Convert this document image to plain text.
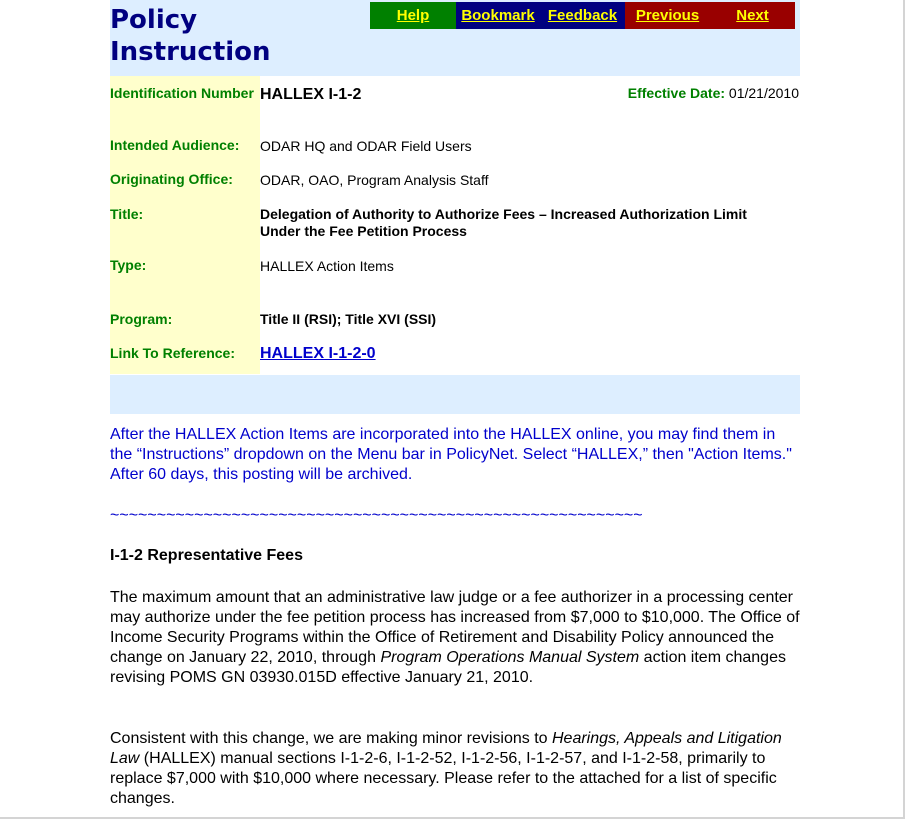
Policy
Instruction
Help	Bookmark Feedback	Previous	Next
Identification Number HALLEX I-1-2	Effective Date: 01/21/2010
Intended Audience:	ODAR HQ and ODAR Field Users
Originating Office:	ODAR, OAO, Program Analysis Staff
Title:	Delegation of Authority to Authorize Fees – Increased Authorization Limit Under the Fee Petition Process
Type:	HALLEX Action Items
Program:	Title II (RSI); Title XVI (SSI)
Link To Reference:	HALLEX I-1-2-0
After the HALLEX Action Items are incorporated into the HALLEX online, you may find them in the “Instructions” dropdown on the Menu bar in PolicyNet. Select “HALLEX,” then "Action Items." After 60 days, this posting will be archived.
~~~~~~~~~~~~~~~~~~~~~~~~~~~~~~~~~~~~~~~~~~~~~~~~~~~~~~~~~
I-1-2 Representative Fees
The maximum amount that an administrative law judge or a fee authorizer in a processing center may authorize under the fee petition process has increased from $7,000 to $10,000. The Office of Income Security Programs within the Office of Retirement and Disability Policy announced the change on January 22, 2010, through Program Operations Manual System action item changes revising POMS GN 03930.015D effective January 21, 2010.
Consistent with this change, we are making minor revisions to Hearings, Appeals and Litigation Law (HALLEX) manual sections I-1-2-6, I-1-2-52, I-1-2-56, I-1-2-57, and I-1-2-58, primarily to replace $7,000 with $10,000 where necessary. Please refer to the attached for a list of specific changes.
